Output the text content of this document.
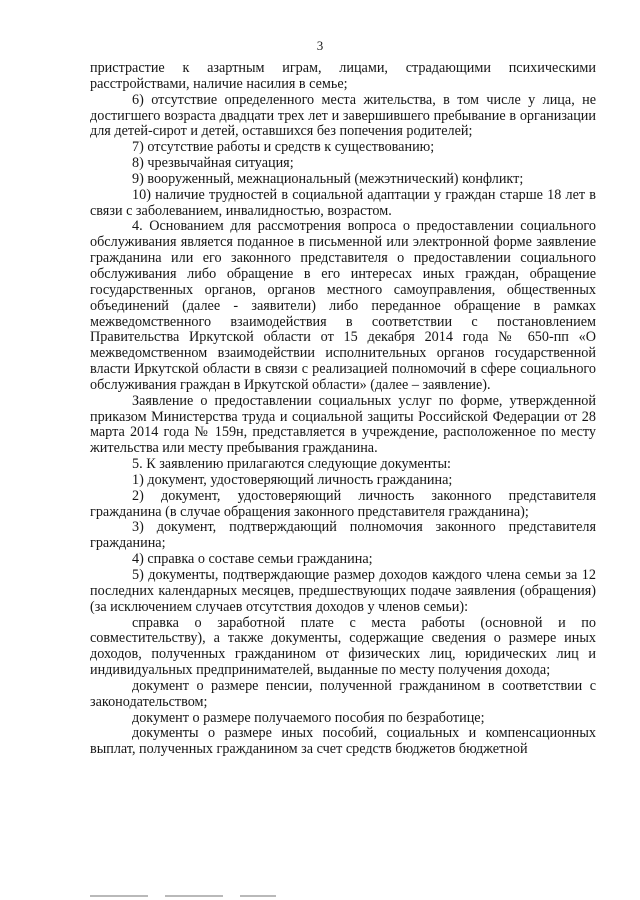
3

пристрастие к азартным играм, лицами, страдающими психическими расстройствами, наличие насилия в семье;

6) отсутствие определенного места жительства, в том числе у лица, не достигшего возраста двадцати трех лет и завершившего пребывание в организации для детей-сирот и детей, оставшихся без попечения родителей;

7) отсутствие работы и средств к существованию;

8) чрезвычайная ситуация;

9) вооруженный, межнациональный (межэтнический) конфликт;

10) наличие трудностей в социальной адаптации у граждан старше 18 лет в связи с заболеванием, инвалидностью, возрастом.

4. Основанием для рассмотрения вопроса о предоставлении социального обслуживания является поданное в письменной или электронной форме заявление гражданина или его законного представителя о предоставлении социального обслуживания либо обращение в его интересах иных граждан, обращение государственных органов, органов местного самоуправления, общественных объединений (далее - заявители) либо переданное обращение в рамках межведомственного взаимодействия в соответствии с постановлением Правительства Иркутской области от 15 декабря 2014 года № 650-пп «О межведомственном взаимодействии исполнительных органов государственной власти Иркутской области в связи с реализацией полномочий в сфере социального обслуживания граждан в Иркутской области» (далее – заявление).

Заявление о предоставлении социальных услуг по форме, утвержденной приказом Министерства труда и социальной защиты Российской Федерации от 28 марта 2014 года № 159н, представляется в учреждение, расположенное по месту жительства или месту пребывания гражданина.

5. К заявлению прилагаются следующие документы:

1) документ, удостоверяющий личность гражданина;

2) документ, удостоверяющий личность законного представителя гражданина (в случае обращения законного представителя гражданина);

3) документ, подтверждающий полномочия законного представителя гражданина;

4) справка о составе семьи гражданина;

5) документы, подтверждающие размер доходов каждого члена семьи за 12 последних календарных месяцев, предшествующих подаче заявления (обращения) (за исключением случаев отсутствия доходов у членов семьи):

справка о заработной плате с места работы (основной и по совместительству), а также документы, содержащие сведения о размере иных доходов, полученных гражданином от физических лиц, юридических лиц и индивидуальных предпринимателей, выданные по месту получения дохода;

документ о размере пенсии, полученной гражданином в соответствии с законодательством;

документ о размере получаемого пособия по безработице;

документы о размере иных пособий, социальных и компенсационных выплат, полученных гражданином за счет средств бюджетов бюджетной
